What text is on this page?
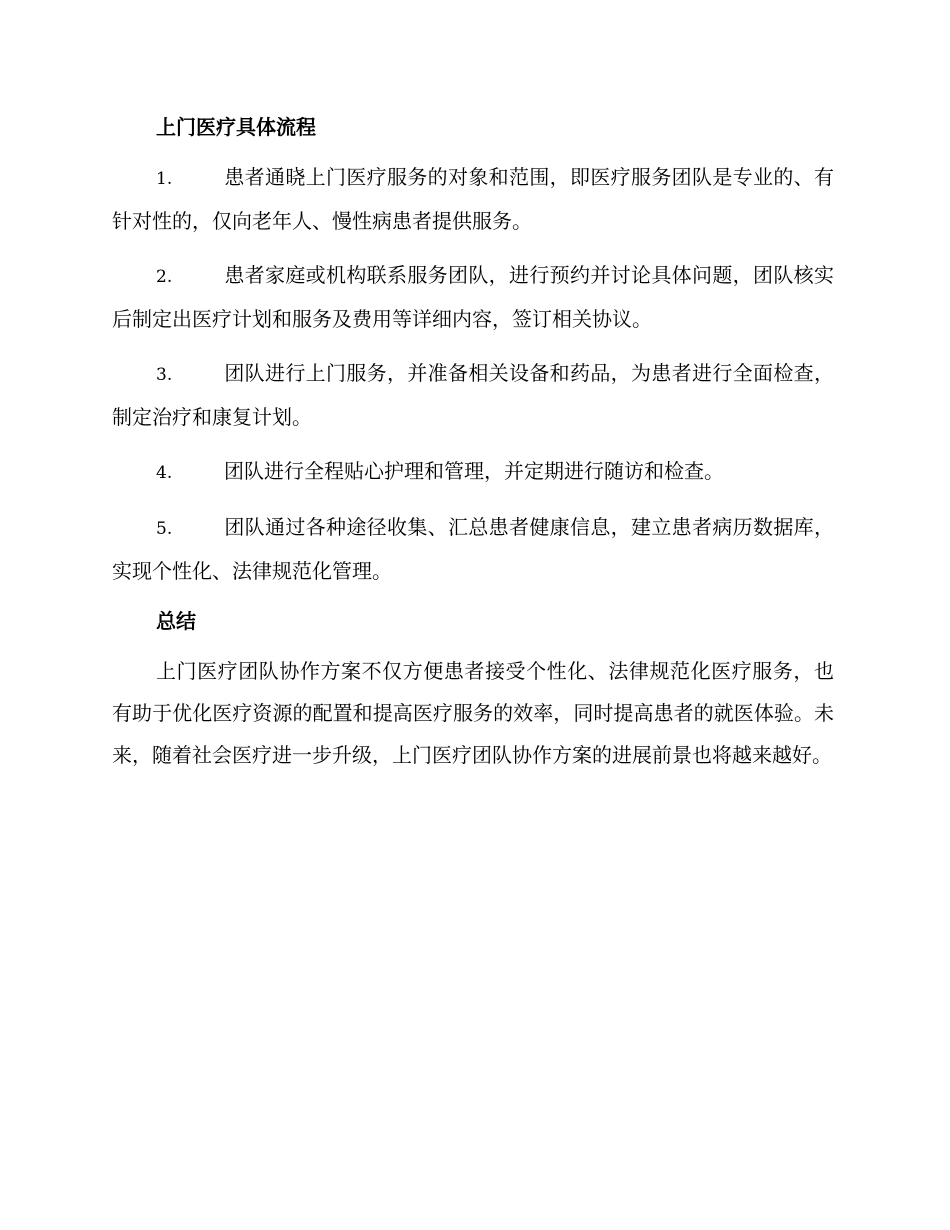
上门医疗具体流程

1.	患者通晓上门医疗服务的对象和范围，即医疗服务团队是专业的、有针对性的，仅向老年人、慢性病患者提供服务。

2.	患者家庭或机构联系服务团队，进行预约并讨论具体问题，团队核实后制定出医疗计划和服务及费用等详细内容，签订相关协议。

3.	团队进行上门服务，并准备相关设备和药品，为患者进行全面检查，制定治疗和康复计划。

4.	团队进行全程贴心护理和管理，并定期进行随访和检查。

5.	团队通过各种途径收集、汇总患者健康信息，建立患者病历数据库，实现个性化、法律规范化管理。

总结

上门医疗团队协作方案不仅方便患者接受个性化、法律规范化医疗服务，也有助于优化医疗资源的配置和提高医疗服务的效率，同时提高患者的就医体验。未来，随着社会医疗进一步升级，上门医疗团队协作方案的进展前景也将越来越好。
